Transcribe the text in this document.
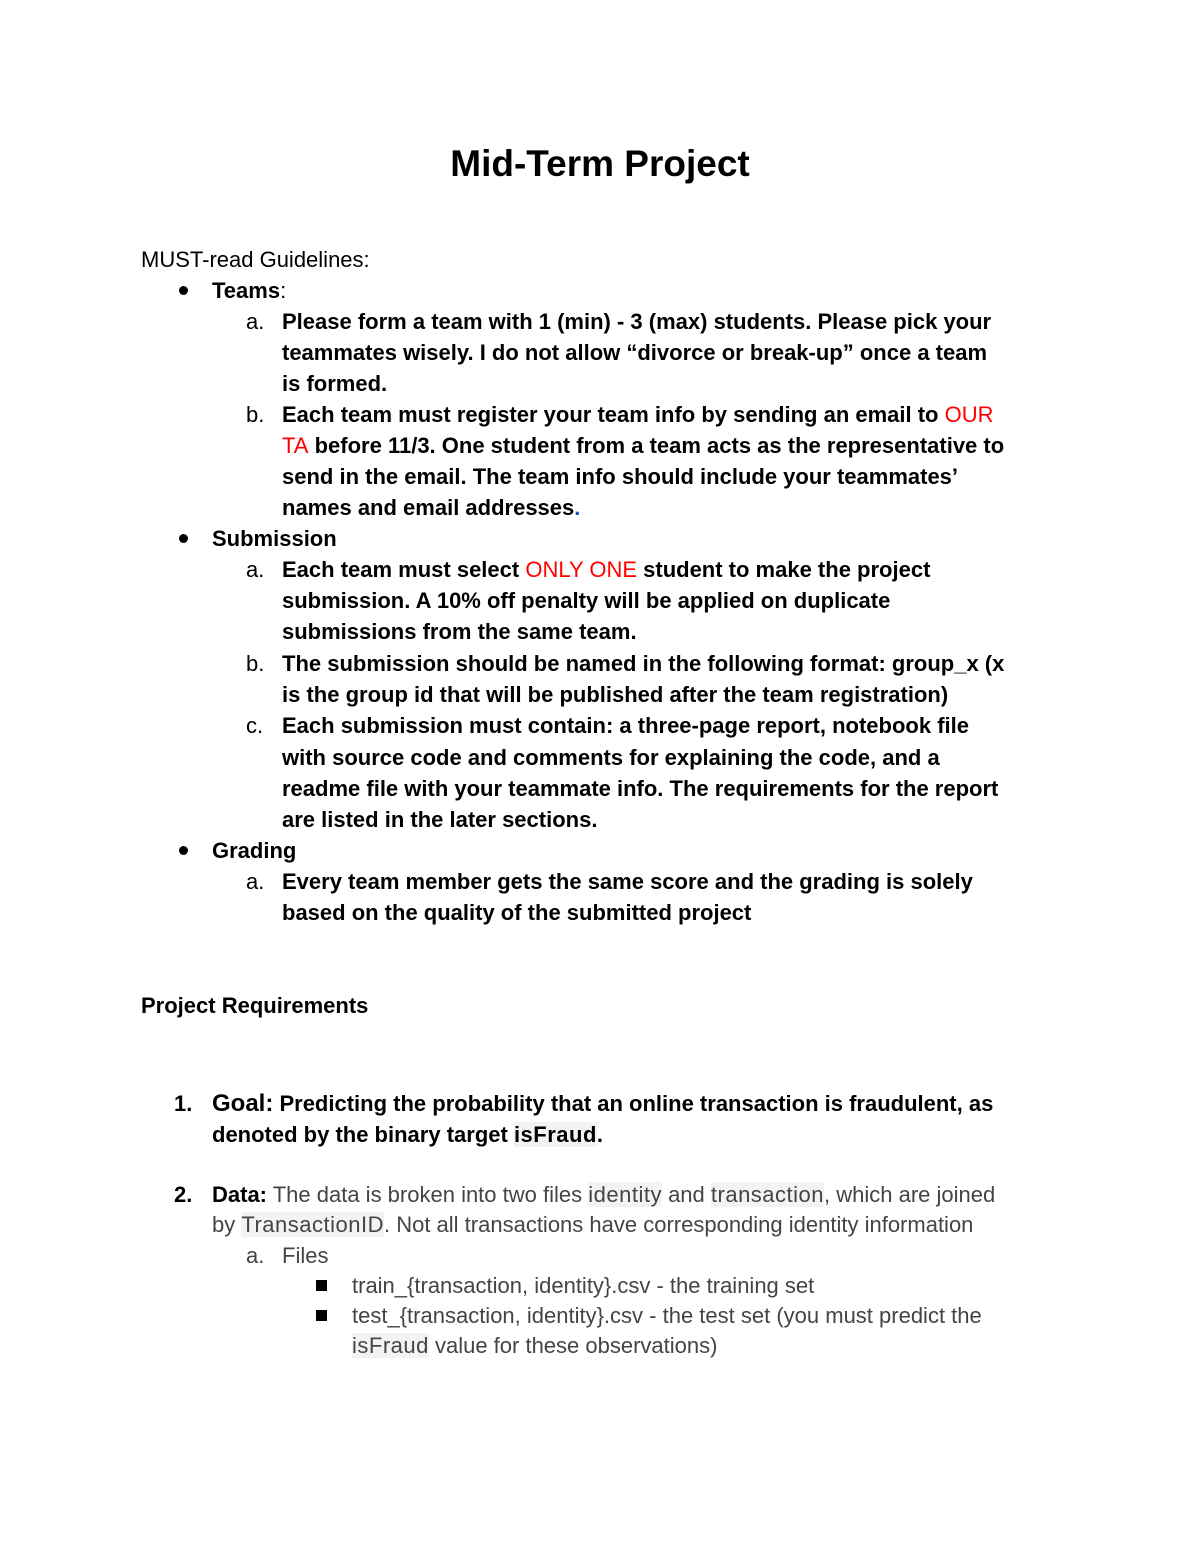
Mid-Term Project
MUST-read Guidelines:
Teams:
a. Please form a team with 1 (min) - 3 (max) students. Please pick your
teammates wisely. I do not allow “divorce or break-up” once a team
is formed.
b. Each team must register your team info by sending an email to OUR
TA before 11/3. One student from a team acts as the representative to
send in the email. The team info should include your teammates’
names and email addresses.
Submission
a. Each team must select ONLY ONE student to make the project
submission. A 10% off penalty will be applied on duplicate
submissions from the same team.
b. The submission should be named in the following format: group_x (x
is the group id that will be published after the team registration)
c. Each submission must contain: a three-page report, notebook file
with source code and comments for explaining the code, and a
readme file with your teammate info. The requirements for the report
are listed in the later sections.
Grading
a. Every team member gets the same score and the grading is solely
based on the quality of the submitted project
Project Requirements
1. Goal: Predicting the probability that an online transaction is fraudulent, as
denoted by the binary target isFraud.
2. Data: The data is broken into two files identity and transaction, which are joined
by TransactionID. Not all transactions have corresponding identity information
a. Files
train_{transaction, identity}.csv - the training set
test_{transaction, identity}.csv - the test set (you must predict the
isFraud value for these observations)
